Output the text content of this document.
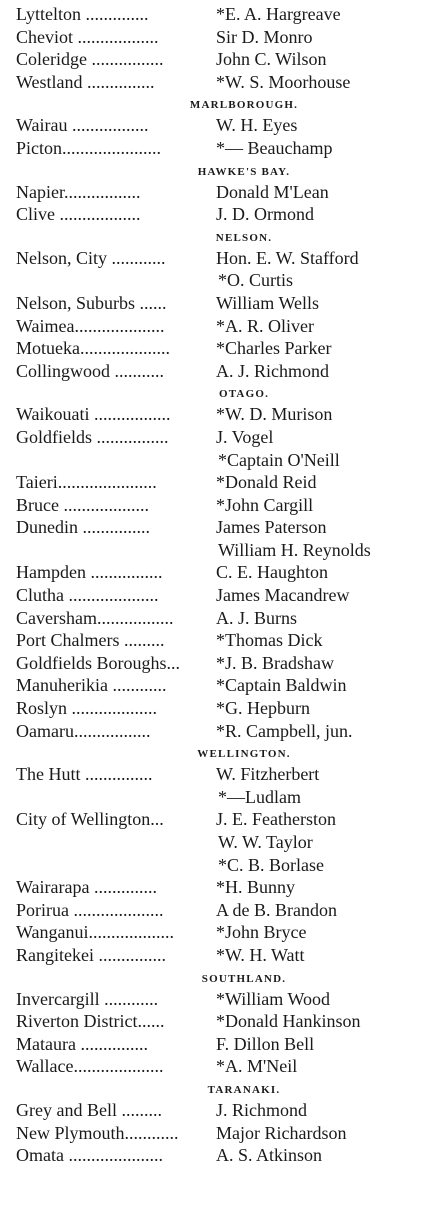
Lyttelton ..............	*E. A. Hargreave
Cheviot ..................	Sir D. Monro
Coleridge ................	John C. Wilson
Westland ...............	*W. S. Moorhouse
MARLBOROUGH.
Wairau .................	W. H. Eyes
Picton......................	*— Beauchamp
HAWKE'S BAY.
Napier.................	Donald M'Lean
Clive ..................	J. D. Ormond
NELSON.
Nelson, City ............	Hon. E. W. Stafford
*O. Curtis
Nelson, Suburbs ......	William Wells
Waimea....................	*A. R. Oliver
Motueka....................	*Charles Parker
Collingwood ...........	A. J. Richmond
OTAGO.
Waikouati .................	*W. D. Murison
Goldfields ................	J. Vogel
*Captain O'Neill
Taieri......................	*Donald Reid
Bruce ...................	*John Cargill
Dunedin ...............	James Paterson
William H. Reynolds
Hampden ................	C. E. Haughton
Clutha ....................	James Macandrew
Caversham.................	A. J. Burns
Port Chalmers .........	*Thomas Dick
Goldfields Boroughs...	*J. B. Bradshaw
Manuherikia ............	*Captain Baldwin
Roslyn ...................	*G. Hepburn
Oamaru.................	*R. Campbell, jun.
WELLINGTON.
The Hutt ...............	W. Fitzherbert
*—Ludlam
City of Wellington...	J. E. Featherston
W. W. Taylor
*C. B. Borlase
Wairarapa ..............	*H. Bunny
Porirua ....................	A de B. Brandon
Wanganui...................	*John Bryce
Rangitekei ...............	*W. H. Watt
SOUTHLAND.
Invercargill ............	*William Wood
Riverton District......	*Donald Hankinson
Mataura ...............	F. Dillon Bell
Wallace....................	*A. M'Neil
TARANAKI.
Grey and Bell .........	J. Richmond
New Plymouth............	Major Richardson
Omata .....................	A. S. Atkinson
